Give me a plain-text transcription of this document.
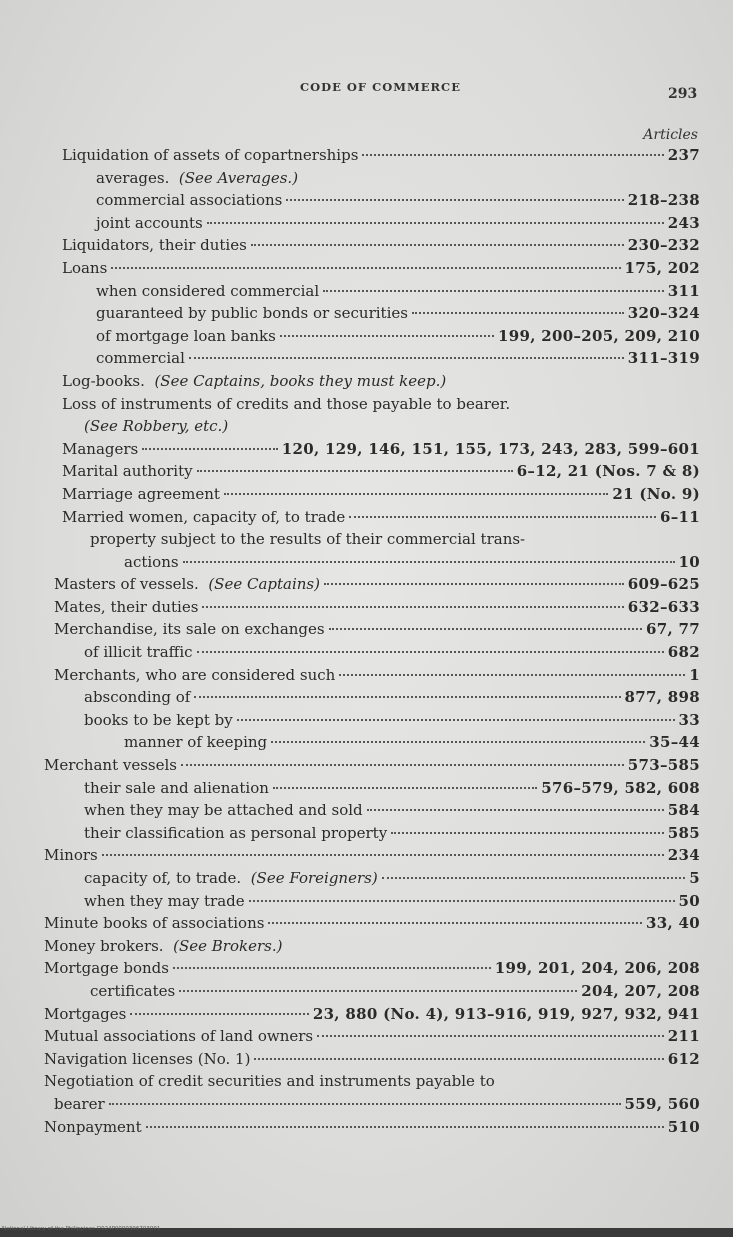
CODE OF COMMERCE	293
Articles
Liquidation of assets of copartnerships	237
averages.
(See Averages.)
commercial associations	218–238
joint accounts	243
Liquidators, their duties	230–232
Loans	175, 202
when considered commercial	311
guaranteed by public bonds or securities	320–324
of mortgage loan banks	199, 200–205, 209, 210
commercial	311–319
Log-books.
(See Captains, books they must keep.)
Loss of instruments of credits and those payable to bearer.
(See Robbery, etc.)
Managers	120, 129, 146, 151, 155, 173, 243, 283, 599–601
Marital authority	6–12, 21 (Nos. 7 & 8)
Marriage agreement	21 (No. 9)
Married women, capacity of, to trade	6–11
property subject to the results of their commercial trans-
actions	10
Masters of vessels.
(See Captains)	609–625
Mates, their duties	632–633
Merchandise, its sale on exchanges	67, 77
of illicit traffic	682
Merchants, who are considered such	1
absconding of	877, 898
books to be kept by	33
manner of keeping	35–44
Merchant vessels	573–585
their sale and alienation	576–579, 582, 608
when they may be attached and sold	584
their classification as personal property	585
Minors	234
capacity of, to trade.
(See Foreigners)	5
when they may trade	50
Minute books of associations	33, 40
Money brokers.
(See Brokers.)
Mortgage bonds	199, 201, 204, 206, 208
certificates	204, 207, 208
Mortgages	23, 880 (No. 4), 913–916, 919, 927, 932, 941
Mutual associations of land owners	211
Navigation licenses (No. 1)	612
Negotiation of credit securities and instruments payable to
bearer	559, 560
Nonpayment	510
National Library of the Philippines D024P0000396703091
